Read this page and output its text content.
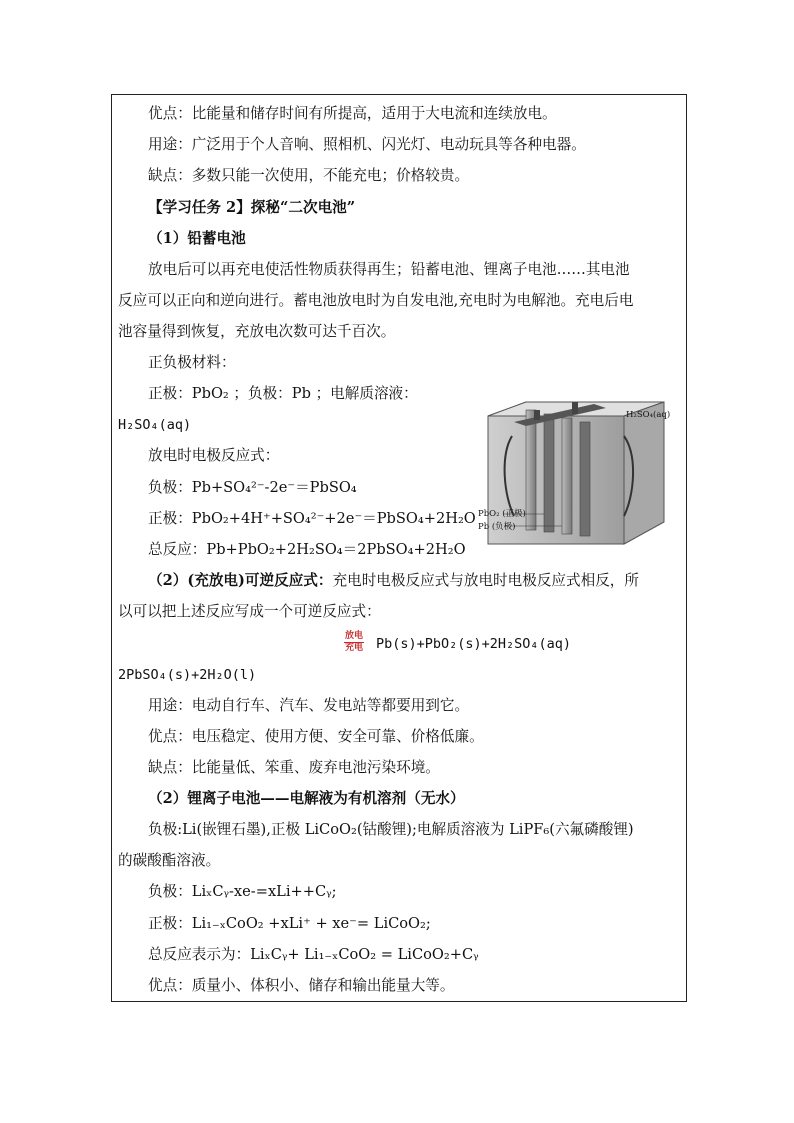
优点：比能量和储存时间有所提高，适用于大电流和连续放电。
用途：广泛用于个人音响、照相机、闪光灯、电动玩具等各种电器。
缺点：多数只能一次使用，不能充电；价格较贵。
【学习任务 2】探秘“二次电池”
（1）铅蓄电池
放电后可以再充电使活性物质获得再生；铅蓄电池、锂离子电池……其电池
反应可以正向和逆向进行。蓄电池放电时为自发电池,充电时为电解池。充电后电
池容量得到恢复，充放电次数可达千百次。
正负极材料：
正极：PbO₂ ；负极：Pb ；电解质溶液：
H₂SO₄(aq)
放电时电极反应式：
负极：Pb+SO₄²⁻-2e⁻＝PbSO₄
正极：PbO₂+4H⁺+SO₄²⁻+2e⁻＝PbSO₄+2H₂O
总反应：Pb+PbO₂+2H₂SO₄＝2PbSO₄+2H₂O
（2）(充放电)可逆反应式：充电时电极反应式与放电时电极反应式相反，所
以可以把上述反应写成一个可逆反应式：
放电
充电 Pb(s)+PbO₂(s)+2H₂SO₄(aq)
2PbSO₄(s)+2H₂O(l)
用途：电动自行车、汽车、发电站等都要用到它。
优点：电压稳定、使用方便、安全可靠、价格低廉。
缺点：比能量低、笨重、废弃电池污染环境。
（2）锂离子电池——电解液为有机溶剂（无水）
负极:Li(嵌锂石墨),正极 LiCoO₂(钴酸锂);电解质溶液为 LiPF₆(六氟磷酸锂)
的碳酸酯溶液。
负极：LiₓCᵧ-xe-=xLi++Cᵧ;
正极：Li₁₋ₓCoO₂ +xLi⁺ + xe⁻= LiCoO₂;
总反应表示为：LiₓCᵧ+ Li₁₋ₓCoO₂ = LiCoO₂+Cᵧ
优点：质量小、体积小、储存和输出能量大等。
H₂SO₄(aq)
PbO₂ (正极)
Pb (负极)
